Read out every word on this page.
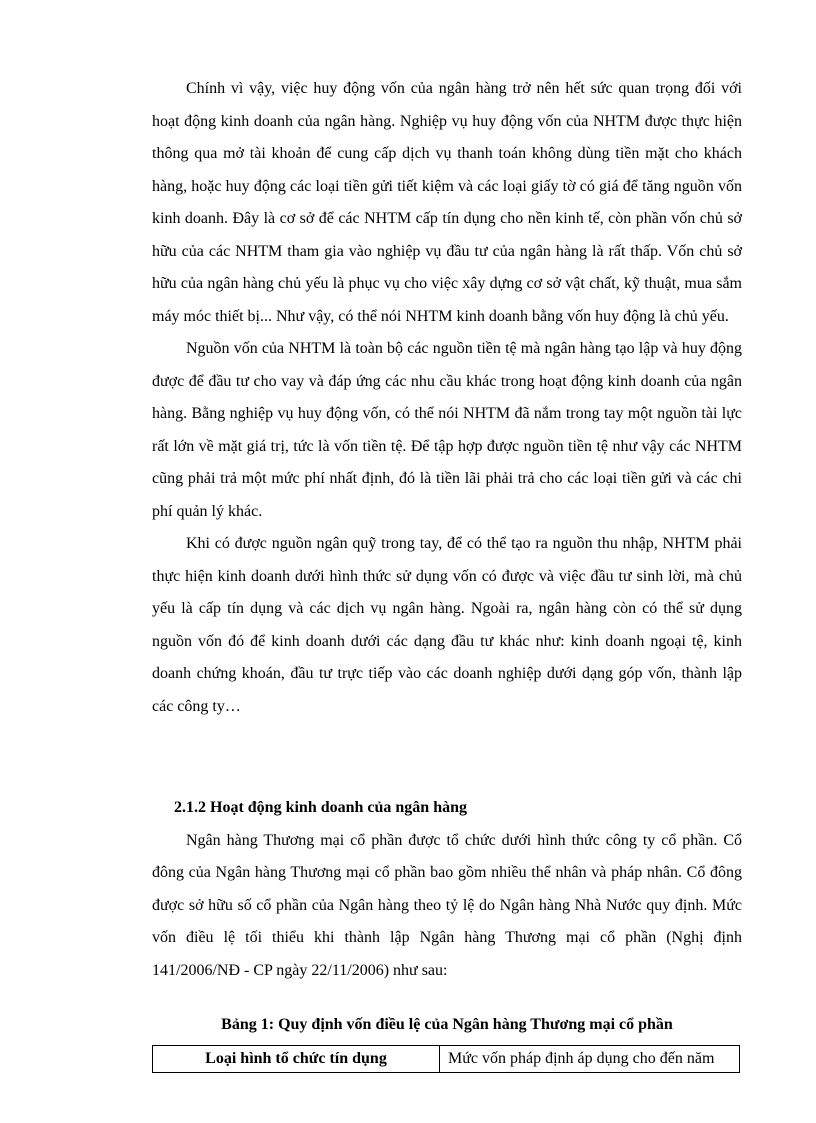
Chính vì vậy, việc huy động vốn của ngân hàng trở nên hết sức quan trọng đối với hoạt động kinh doanh của ngân hàng. Nghiệp vụ huy động vốn của NHTM được thực hiện thông qua mở tài khoản để cung cấp dịch vụ thanh toán không dùng tiền mặt cho khách hàng, hoặc huy động các loại tiền gửi tiết kiệm và các loại giấy tờ có giá để tăng nguồn vốn kinh doanh. Đây là cơ sở để các NHTM cấp tín dụng cho nền kinh tế, còn phần vốn chủ sở hữu của các NHTM tham gia vào nghiệp vụ đầu tư của ngân hàng là rất thấp. Vốn chủ sở hữu của ngân hàng chủ yếu là phục vụ cho việc xây dựng cơ sở vật chất, kỹ thuật, mua sắm máy móc thiết bị... Như vậy, có thể nói NHTM kinh doanh bằng vốn huy động là chủ yếu.

Nguồn vốn của NHTM là toàn bộ các nguồn tiền tệ mà ngân hàng tạo lập và huy động được để đầu tư cho vay và đáp ứng các nhu cầu khác trong hoạt động kinh doanh của ngân hàng. Bằng nghiệp vụ huy động vốn, có thể nói NHTM đã nắm trong tay một nguồn tài lực rất lớn về mặt giá trị, tức là vốn tiền tệ. Để tập hợp được nguồn tiền tệ như vậy các NHTM cũng phải trả một mức phí nhất định, đó là tiền lãi phải trả cho các loại tiền gửi và các chi phí quản lý khác.

Khi có được nguồn ngân quỹ trong tay, để có thể tạo ra nguồn thu nhập, NHTM phải thực hiện kinh doanh dưới hình thức sử dụng vốn có được và việc đầu tư sinh lời, mà chủ yếu là cấp tín dụng và các dịch vụ ngân hàng. Ngoài ra, ngân hàng còn có thể sử dụng nguồn vốn đó để kinh doanh dưới các dạng đầu tư khác như: kinh doanh ngoại tệ, kinh doanh chứng khoán, đầu tư trực tiếp vào các doanh nghiệp dưới dạng góp vốn, thành lập các công ty…

2.1.2 Hoạt động kinh doanh của ngân hàng

Ngân hàng Thương mại cổ phần được tổ chức dưới hình thức công ty cổ phần. Cổ đông của Ngân hàng Thương mại cổ phần bao gồm nhiều thể nhân và pháp nhân. Cổ đông được sở hữu số cổ phần của Ngân hàng theo tỷ lệ do Ngân hàng Nhà Nước quy định. Mức vốn điều lệ tối thiểu khi thành lập Ngân hàng Thương mại cổ phần (Nghị định 141/2006/NĐ - CP ngày 22/11/2006) như sau:

Bảng 1: Quy định vốn điều lệ của Ngân hàng Thương mại cổ phần
Loại hình tổ chức tín dụng	Mức vốn pháp định áp dụng cho đến năm
